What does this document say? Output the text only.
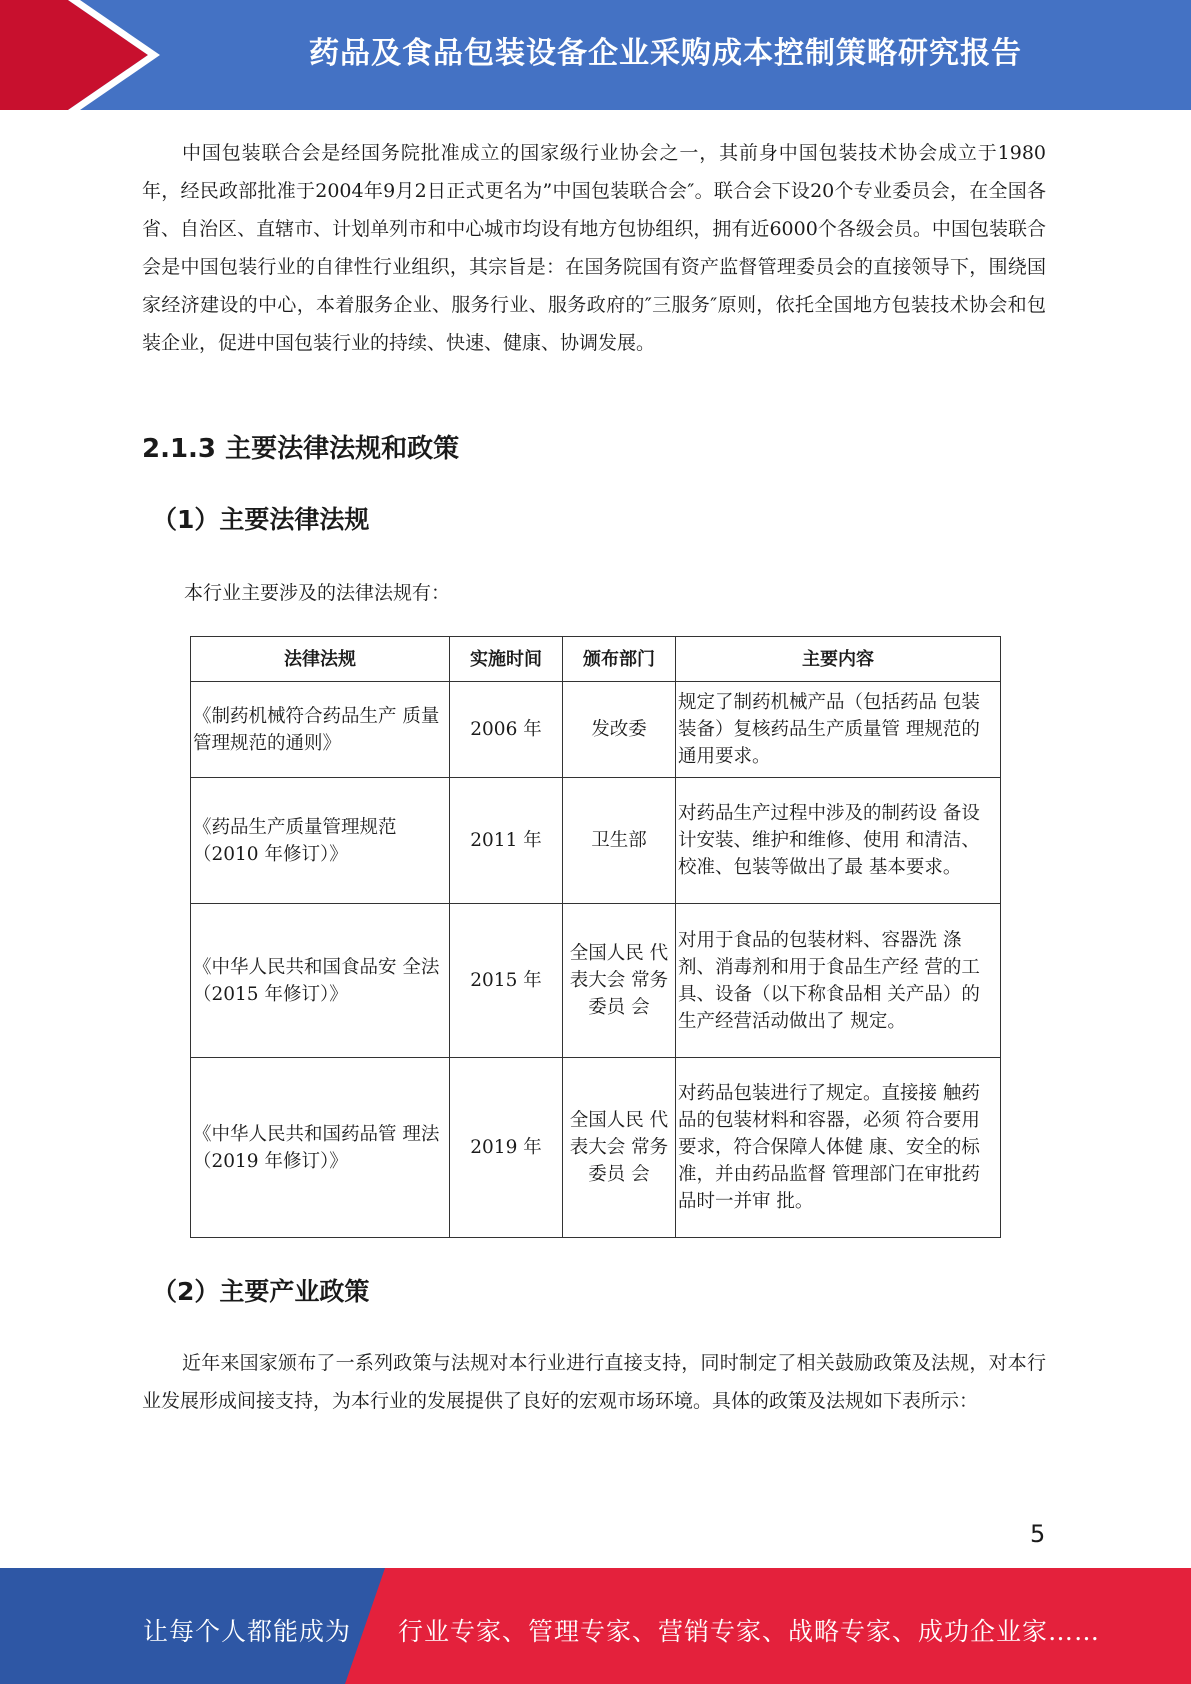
药品及食品包装设备企业采购成本控制策略研究报告
中国包装联合会是经国务院批准成立的国家级行业协会之一，其前身中国包装技术协会成立于1980年，经民政部批准于2004年9月2日正式更名为”中国包装联合会″。联合会下设20个专业委员会，在全国各省、自治区、直辖市、计划单列市和中心城市均设有地方包协组织，拥有近6000个各级会员。中国包装联合会是中国包装行业的自律性行业组织，其宗旨是：在国务院国有资产监督管理委员会的直接领导下，围绕国家经济建设的中心，本着服务企业、服务行业、服务政府的″三服务″原则，依托全国地方包装技术协会和包装企业，促进中国包装行业的持续、快速、健康、协调发展。
2.1.3 主要法律法规和政策
（1）主要法律法规
本行业主要涉及的法律法规有：
法律法规	实施时间	颁布部门	主要内容
《制药机械符合药品生产 质量管理规范的通则》	2006 年	发改委	规定了制药机械产品（包括药品 包装装备）复核药品生产质量管 理规范的通用要求。
《药品生产质量管理规范（2010 年修订）》	2011 年	卫生部	对药品生产过程中涉及的制药设 备设计安装、维护和维修、使用 和清洁、校准、包装等做出了最 基本要求。
《中华人民共和国食品安 全法（2015 年修订）》	2015 年	全国人民 代表大会 常务委员 会	对用于食品的包装材料、容器洗 涤剂、消毒剂和用于食品生产经 营的工具、设备（以下称食品相 关产品）的生产经营活动做出了 规定。
《中华人民共和国药品管 理法（2019 年修订）》	2019 年	全国人民 代表大会 常务委员 会	对药品包装进行了规定。直接接 触药品的包装材料和容器，必须 符合要用要求，符合保障人体健 康、安全的标准，并由药品监督 管理部门在审批药品时一并审 批。
（2）主要产业政策
近年来国家颁布了一系列政策与法规对本行业进行直接支持，同时制定了相关鼓励政策及法规，对本行业发展形成间接支持，为本行业的发展提供了良好的宏观市场环境。具体的政策及法规如下表所示：
5
让每个人都能成为 行业专家、管理专家、营销专家、战略专家、成功企业家……
